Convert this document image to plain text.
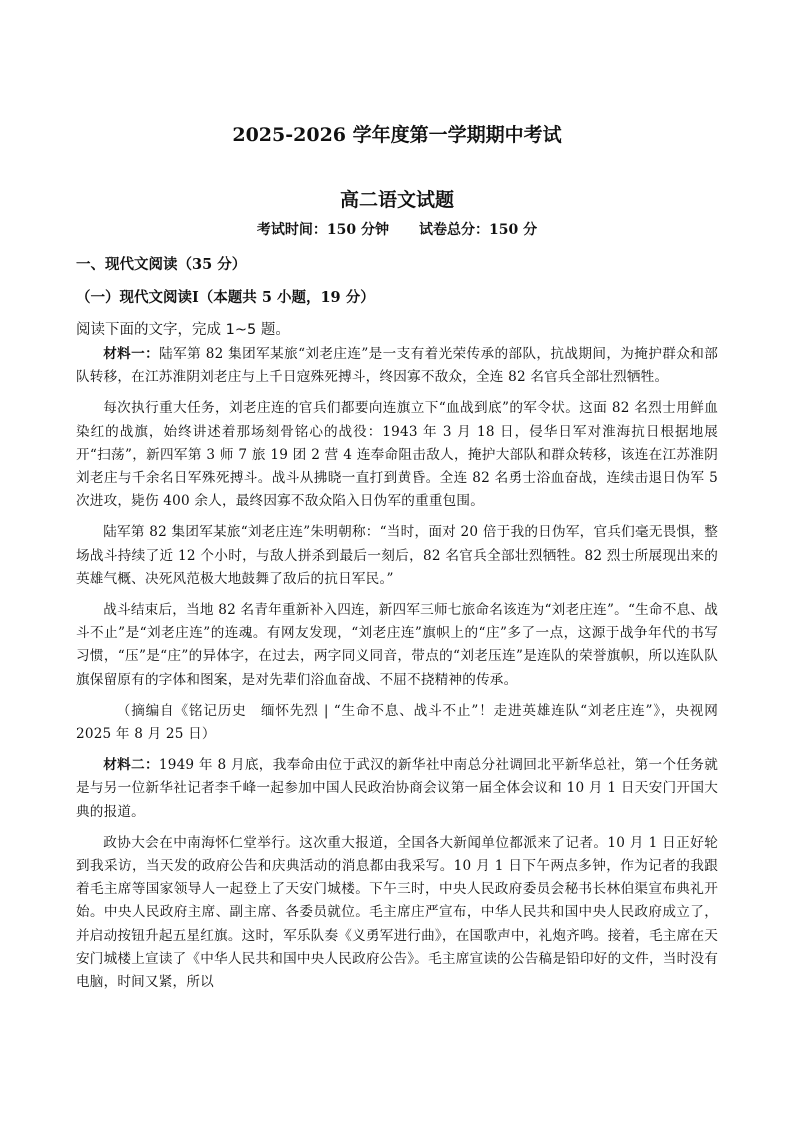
2025-2026 学年度第一学期期中考试
高二语文试题
考试时间：150 分钟 试卷总分：150 分
一、现代文阅读（35 分）
（一）现代文阅读Ⅰ（本题共 5 小题，19 分）
阅读下面的文字，完成 1~5 题。

材料一：陆军第 82 集团军某旅“刘老庄连”是一支有着光荣传承的部队，抗战期间，为掩护群众和部队转移，在江苏淮阴刘老庄与上千日寇殊死搏斗，终因寡不敌众，全连 82 名官兵全部壮烈牺牲。

每次执行重大任务，刘老庄连的官兵们都要向连旗立下“血战到底”的军令状。这面 82 名烈士用鲜血染红的战旗，始终讲述着那场刻骨铭心的战役：1943 年 3 月 18 日，侵华日军对淮海抗日根据地展开“扫荡”，新四军第 3 师 7 旅 19 团 2 营 4 连奉命阻击敌人，掩护大部队和群众转移，该连在江苏淮阴刘老庄与千余名日军殊死搏斗。战斗从拂晓一直打到黄昏。全连 82 名勇士浴血奋战，连续击退日伪军 5 次进攻，毙伤 400 余人，最终因寡不敌众陷入日伪军的重重包围。

陆军第 82 集团军某旅“刘老庄连”朱明朝称：“当时，面对 20 倍于我的日伪军，官兵们毫无畏惧，整场战斗持续了近 12 个小时，与敌人拼杀到最后一刻后，82 名官兵全部壮烈牺牲。82 烈士所展现出来的英雄气概、决死风范极大地鼓舞了敌后的抗日军民。”

战斗结束后，当地 82 名青年重新补入四连，新四军三师七旅命名该连为“刘老庄连”。“生命不息、战斗不止”是“刘老庄连”的连魂。有网友发现，“刘老庄连”旗帜上的“庄”多了一点，这源于战争年代的书写习惯，“压”是“庄”的异体字，在过去，两字同义同音，带点的“刘老压连”是连队的荣誉旗帜，所以连队队旗保留原有的字体和图案，是对先辈们浴血奋战、不屈不挠精神的传承。

（摘编自《铭记历史　缅怀先烈 | “生命不息、战斗不止”！走进英雄连队“刘老庄连”》，央视网 2025 年 8 月 25 日）

材料二：1949 年 8 月底，我奉命由位于武汉的新华社中南总分社调回北平新华总社，第一个任务就是与另一位新华社记者李千峰一起参加中国人民政治协商会议第一届全体会议和 10 月 1 日天安门开国大典的报道。

政协大会在中南海怀仁堂举行。这次重大报道，全国各大新闻单位都派来了记者。10 月 1 日正好轮到我采访，当天发的政府公告和庆典活动的消息都由我采写。10 月 1 日下午两点多钟，作为记者的我跟着毛主席等国家领导人一起登上了天安门城楼。下午三时，中央人民政府委员会秘书长林伯渠宣布典礼开始。中央人民政府主席、副主席、各委员就位。毛主席庄严宣布，中华人民共和国中央人民政府成立了，并启动按钮升起五星红旗。这时，军乐队奏《义勇军进行曲》，在国歌声中，礼炮齐鸣。接着，毛主席在天安门城楼上宣读了《中华人民共和国中央人民政府公告》。毛主席宣读的公告稿是铅印好的文件，当时没有电脑，时间又紧，所以
